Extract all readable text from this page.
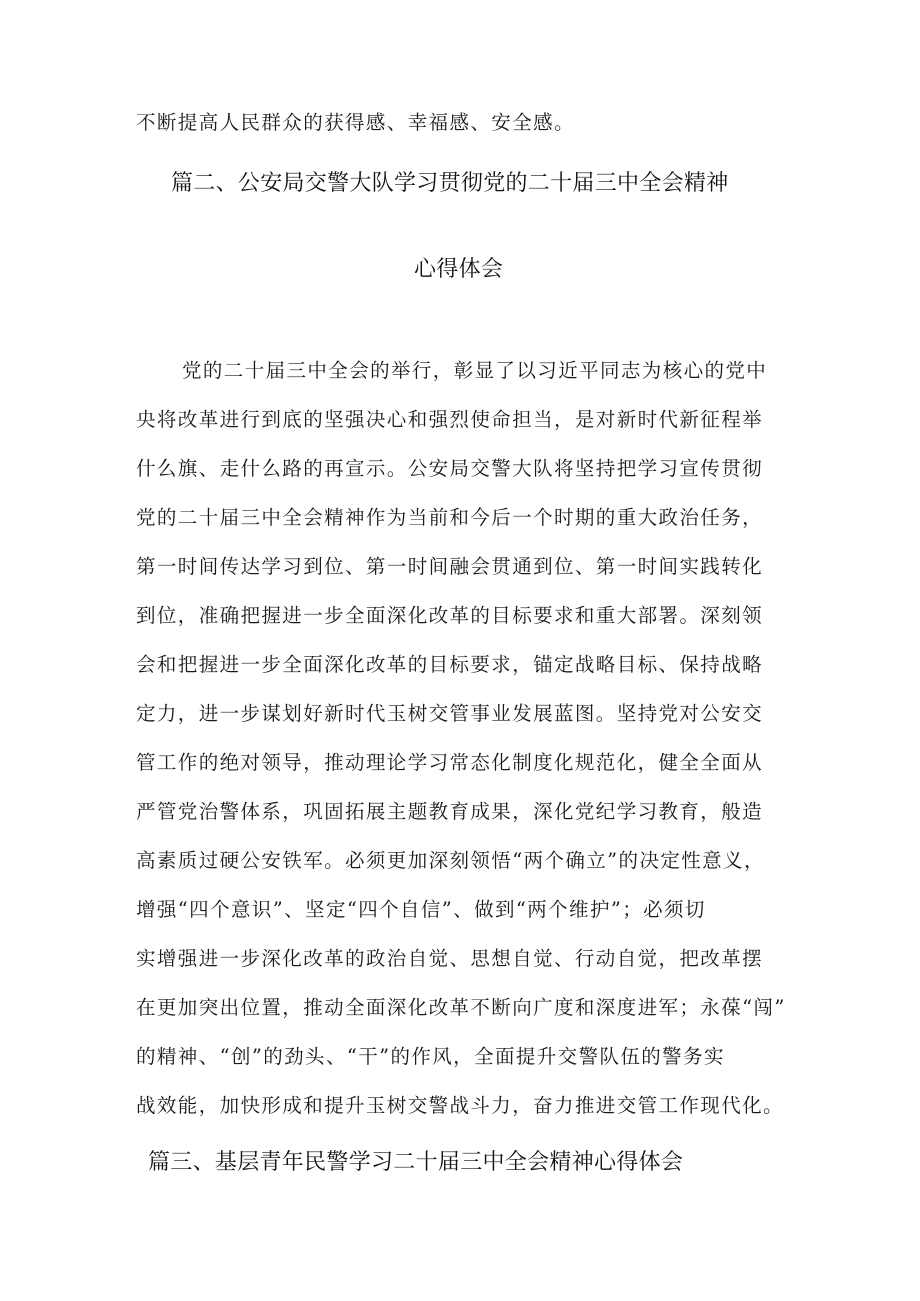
不断提高人民群众的获得感、幸福感、安全感。
篇二、公安局交警大队学习贯彻党的二十届三中全会精神
心得体会
党的二十届三中全会的举行，彰显了以习近平同志为核心的党中
央将改革进行到底的坚强决心和强烈使命担当，是对新时代新征程举
什么旗、走什么路的再宣示。公安局交警大队将坚持把学习宣传贯彻
党的二十届三中全会精神作为当前和今后一个时期的重大政治任务，
第一时间传达学习到位、第一时间融会贯通到位、第一时间实践转化
到位，准确把握进一步全面深化改革的目标要求和重大部署。深刻领
会和把握进一步全面深化改革的目标要求，锚定战略目标、保持战略
定力，进一步谋划好新时代玉树交管事业发展蓝图。坚持党对公安交
管工作的绝对领导，推动理论学习常态化制度化规范化，健全全面从
严管党治警体系，巩固拓展主题教育成果，深化党纪学习教育，般造
高素质过硬公安铁军。必须更加深刻领悟“两个确立”的决定性意义，
增强“四个意识”、坚定“四个自信”、做到“两个维护”；必须切
实增强进一步深化改革的政治自觉、思想自觉、行动自觉，把改革摆
在更加突出位置，推动全面深化改革不断向广度和深度进军；永葆“闯”
的精神、“创”的劲头、“干”的作风，全面提升交警队伍的警务实
战效能，加快形成和提升玉树交警战斗力，奋力推进交管工作现代化。
篇三、基层青年民警学习二十届三中全会精神心得体会
